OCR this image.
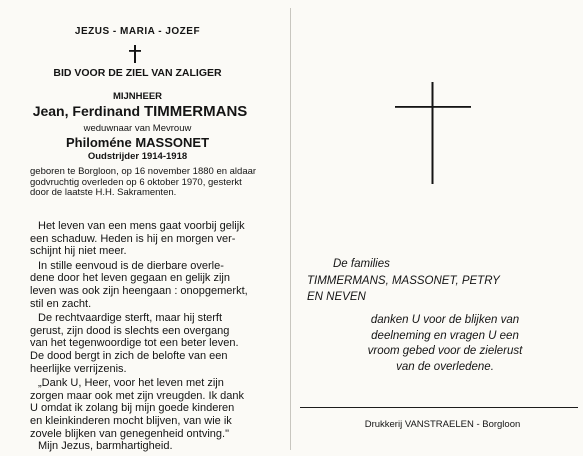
JEZUS - MARIA - JOZEF
BID VOOR DE ZIEL VAN ZALIGER
MIJNHEER
Jean, Ferdinand TIMMERMANS
weduwnaar van Mevrouw
Philoméne MASSONET
Oudstrijder 1914-1918
geboren te Borgloon, op 16 november 1880 en aldaar
godvruchtig overleden op 6 oktober 1970, gesterkt
door de laatste H.H. Sakramenten.
Het leven van een mens gaat voorbij gelijk
een schaduw. Heden is hij en morgen ver-
schijnt hij niet meer.
In stille eenvoud is de dierbare overle-
dene door het leven gegaan en gelijk zijn
leven was ook zijn heengaan : onopgemerkt,
stil en zacht.
De rechtvaardige sterft, maar hij sterft
gerust, zijn dood is slechts een overgang
van het tegenwoordige tot een beter leven.
De dood bergt in zich de belofte van een
heerlijke verrijzenis.
„Dank U, Heer, voor het leven met zijn
zorgen maar ook met zijn vreugden. Ik dank
U omdat ik zolang bij mijn goede kinderen
en kleinkinderen mocht blijven, van wie ik
zovele blijken van genegenheid ontving."
Mijn Jezus, barmhartigheid.
De families
TIMMERMANS, MASSONET, PETRY
EN NEVEN
danken U voor de blijken van
deelneming en vragen U een
vroom gebed voor de zielerust
van de overledene.
Drukkerij VANSTRAELEN - Borgloon
